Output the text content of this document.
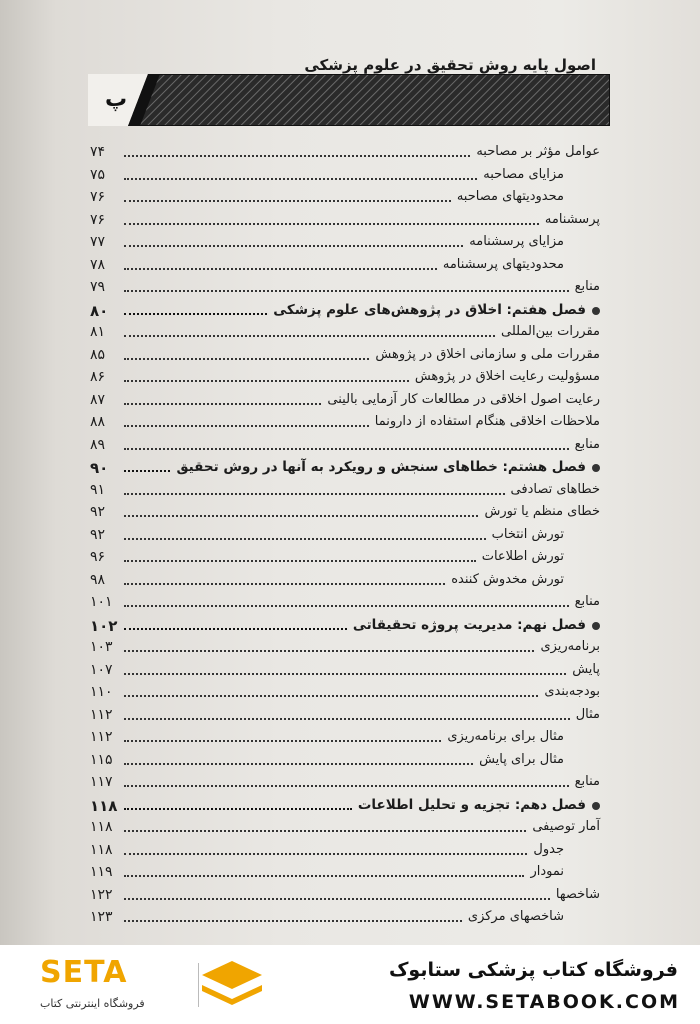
اصول پایه روش تحقیق در علوم پزشکی
پ
۷۴	عوامل مؤثر بر مصاحبه
۷۵	مزایای مصاحبه
۷۶	محدودیتهای مصاحبه
۷۶	پرسشنامه
۷۷	مزایای پرسشنامه
۷۸	محدودیتهای پرسشنامه
۷۹	منابع
۸۰	فصل هفتم: اخلاق در پژوهش‌های علوم پزشکی
۸۱	مقررات بین‌المللی
۸۵	مقررات ملی و سازمانی اخلاق در پژوهش
۸۶	مسؤولیت رعایت اخلاق در پژوهش
۸۷	رعایت اصول اخلاقی در مطالعات کار آزمایی بالینی
۸۸	ملاحظات اخلاقی هنگام استفاده از دارونما
۸۹	منابع
۹۰	فصل هشتم: خطاهای سنجش و رویکرد به آنها در روش تحقیق
۹۱	خطاهای تصادفی
۹۲	خطای منظم یا تورش
۹۲	تورش انتخاب
۹۶	تورش اطلاعات
۹۸	تورش مخدوش کننده
۱۰۱	منابع
۱۰۲	فصل نهم: مدیریت پروژه تحقیقاتی
۱۰۳	برنامه‌ریزی
۱۰۷	پایش
۱۱۰	بودجه‌بندی
۱۱۲	مثال
۱۱۲	مثال برای برنامه‌ریزی
۱۱۵	مثال برای پایش
۱۱۷	منابع
۱۱۸	فصل دهم: تجزیه و تحلیل اطلاعات
۱۱۸	آمار توصیفی
۱۱۸	جدول
۱۱۹	نمودار
۱۲۲	شاخصها
۱۲۳	شاخصهای مرکزی
فروشگاه کتاب پزشکی ستابوک
WWW.SETABOOK.COM
SETA
فروشگاه اینترنتی کتاب
